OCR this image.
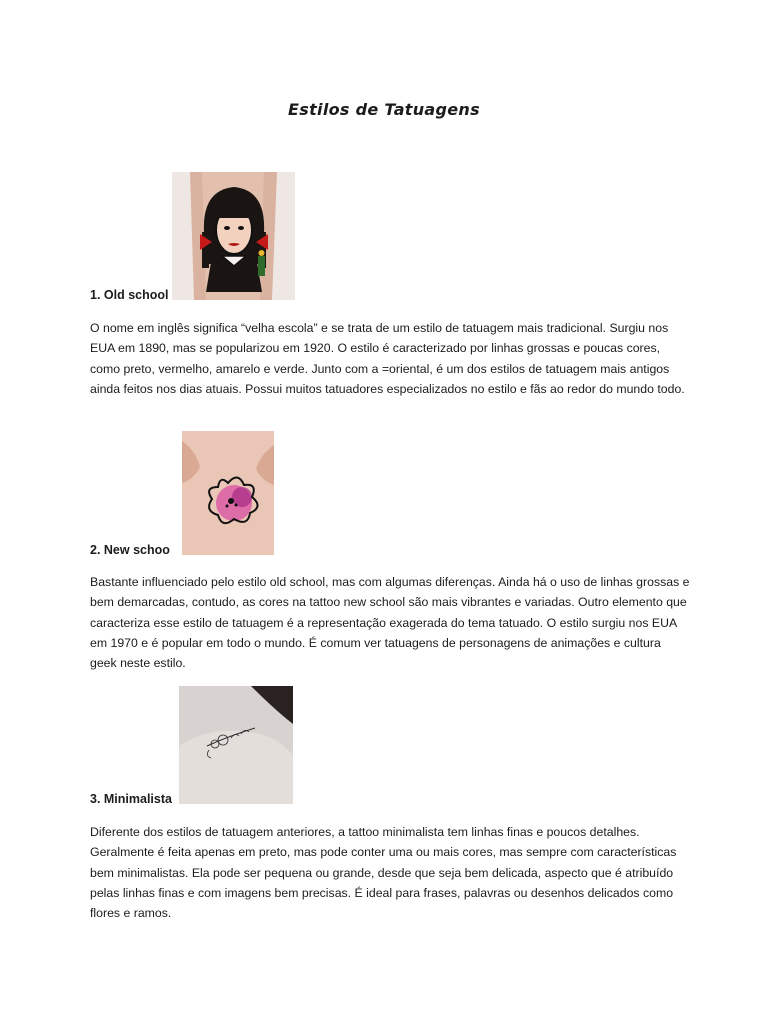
Estilos de Tatuagens
1. Old school
O nome em inglês significa “velha escola” e se trata de um estilo de tatuagem mais tradicional. Surgiu nos EUA em 1890, mas se popularizou em 1920. O estilo é caracterizado por linhas grossas e poucas cores, como preto, vermelho, amarelo e verde. Junto com a =oriental, é um dos estilos de tatuagem mais antigos ainda feitos nos dias atuais. Possui muitos tatuadores especializados no estilo e fãs ao redor do mundo todo.
2. New schoo
Bastante influenciado pelo estilo old school, mas com algumas diferenças. Ainda há o uso de linhas grossas e bem demarcadas, contudo, as cores na tattoo new school são mais vibrantes e variadas. Outro elemento que caracteriza esse estilo de tatuagem é a representação exagerada do tema tatuado. O estilo surgiu nos EUA em 1970 e é popular em todo o mundo. É comum ver tatuagens de personagens de animações e cultura geek neste estilo.
3. Minimalista
Diferente dos estilos de tatuagem anteriores, a tattoo minimalista tem linhas finas e poucos detalhes. Geralmente é feita apenas em preto, mas pode conter uma ou mais cores, mas sempre com características bem minimalistas. Ela pode ser pequena ou grande, desde que seja bem delicada, aspecto que é atribuído pelas linhas finas e com imagens bem precisas. É ideal para frases, palavras ou desenhos delicados como flores e ramos.
